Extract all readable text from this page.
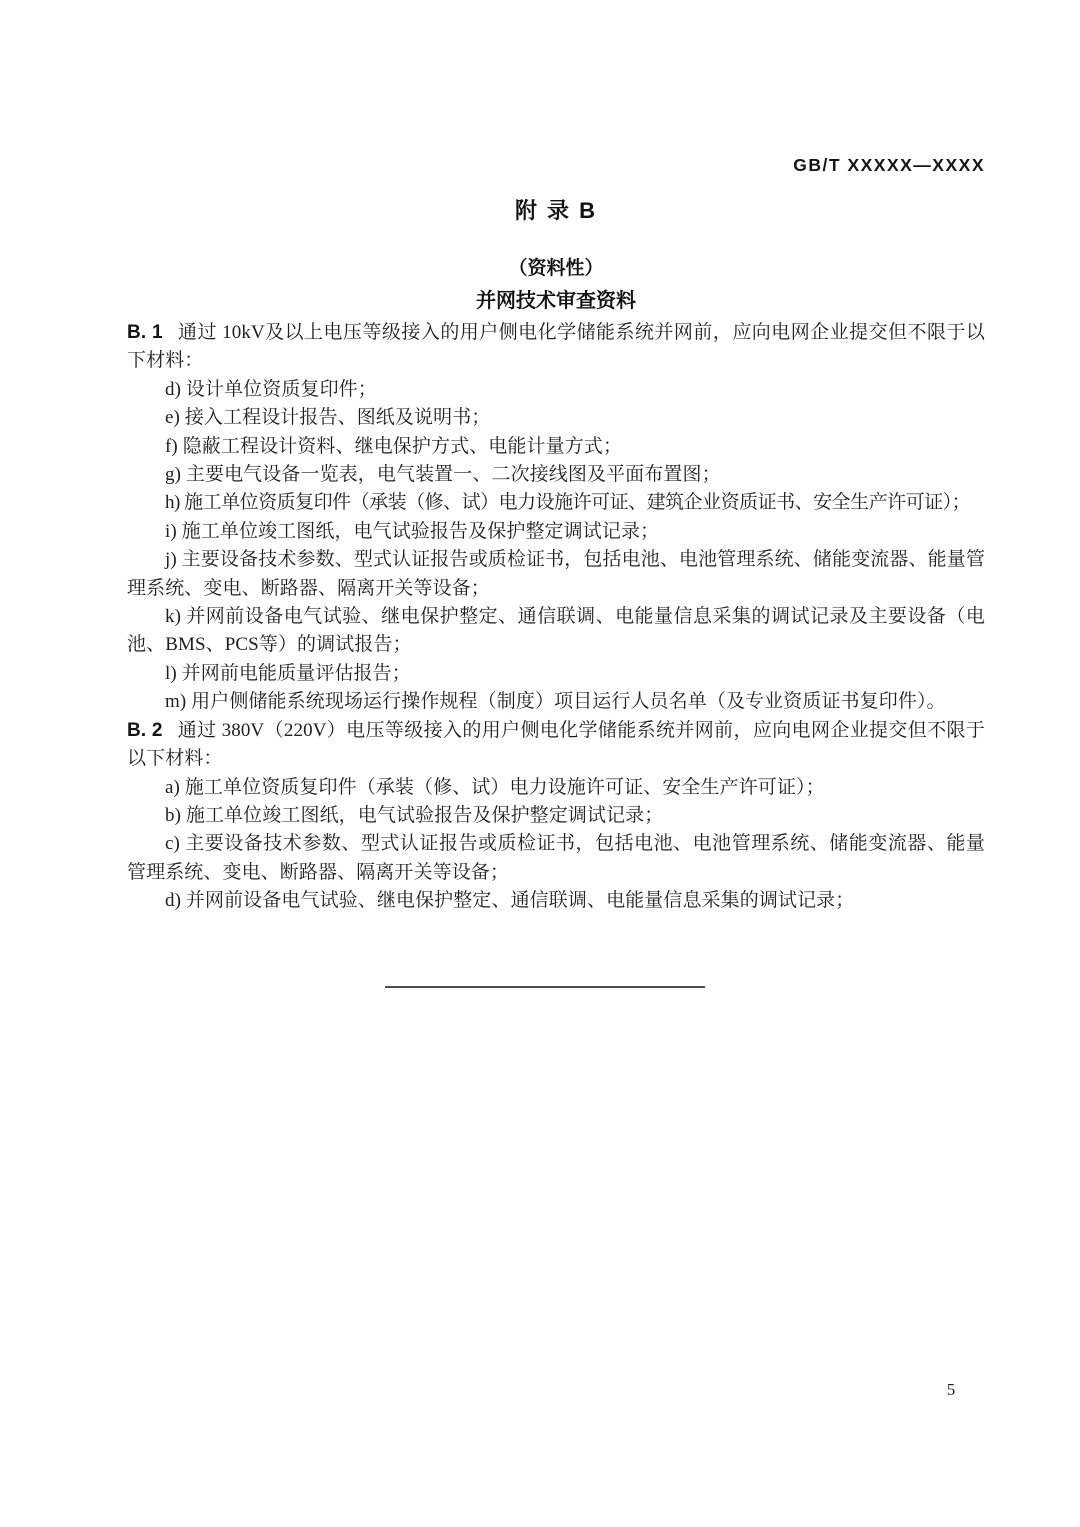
GB/T XXXXX—XXXX

附 录 B
（资料性）
并网技术审查资料

B. 1 通过 10kV及以上电压等级接入的用户侧电化学储能系统并网前，应向电网企业提交但不限于以下材料：

d) 设计单位资质复印件；

e) 接入工程设计报告、图纸及说明书；

f) 隐蔽工程设计资料、继电保护方式、电能计量方式；

g) 主要电气设备一览表，电气装置一、二次接线图及平面布置图；

h) 施工单位资质复印件（承装（修、试）电力设施许可证、建筑企业资质证书、安全生产许可证）；

i) 施工单位竣工图纸，电气试验报告及保护整定调试记录；

j) 主要设备技术参数、型式认证报告或质检证书，包括电池、电池管理系统、储能变流器、能量管理系统、变电、断路器、隔离开关等设备；

k) 并网前设备电气试验、继电保护整定、通信联调、电能量信息采集的调试记录及主要设备（电池、BMS、PCS等）的调试报告；

l) 并网前电能质量评估报告；

m) 用户侧储能系统现场运行操作规程（制度）项目运行人员名单（及专业资质证书复印件）。

B. 2 通过 380V（220V）电压等级接入的用户侧电化学储能系统并网前，应向电网企业提交但不限于以下材料：

a) 施工单位资质复印件（承装（修、试）电力设施许可证、安全生产许可证）；

b) 施工单位竣工图纸，电气试验报告及保护整定调试记录；

c) 主要设备技术参数、型式认证报告或质检证书，包括电池、电池管理系统、储能变流器、能量管理系统、变电、断路器、隔离开关等设备；

d) 并网前设备电气试验、继电保护整定、通信联调、电能量信息采集的调试记录；

5
